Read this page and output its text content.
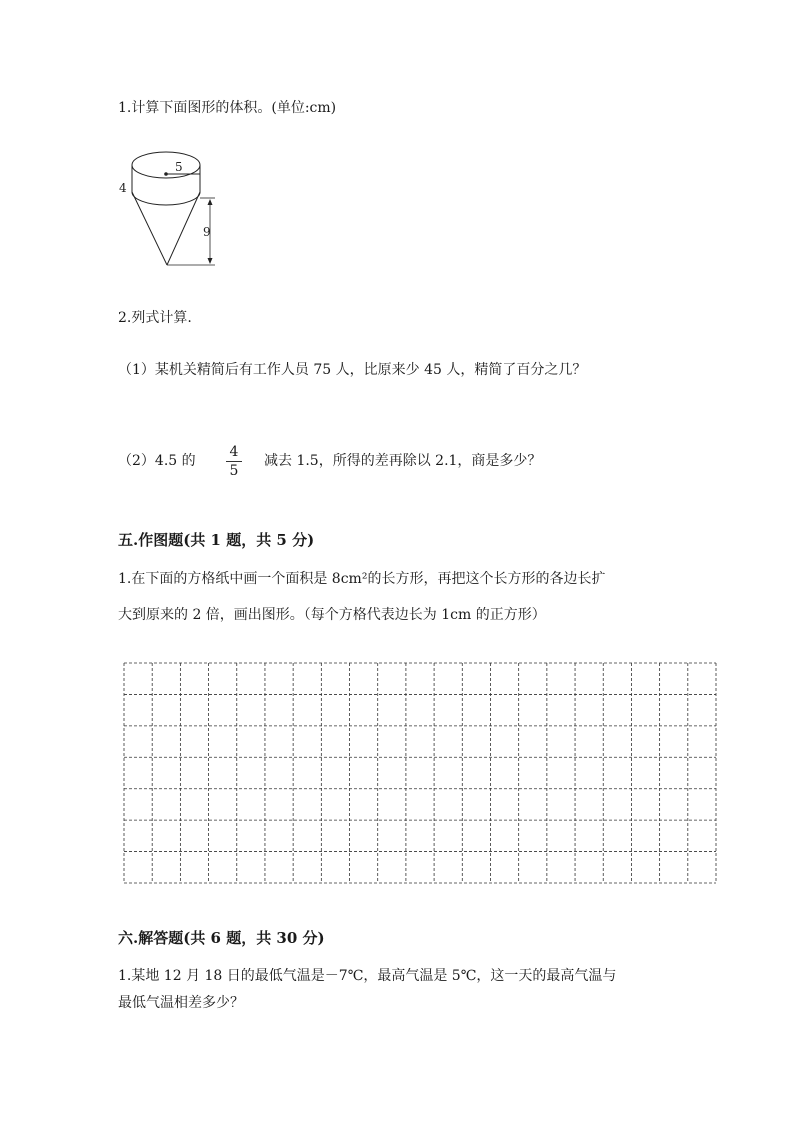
1.计算下面图形的体积。(单位:cm)
5
4
9
2.列式计算.
（1）某机关精简后有工作人员 75 人，比原来少 45 人，精简了百分之几？
（2）4.5 的
4
5
减去 1.5，所得的差再除以 2.1，商是多少？
五.作图题(共 1 题，共 5 分)
1.在下面的方格纸中画一个面积是 8cm²的长方形，再把这个长方形的各边长扩
大到原来的 2 倍，画出图形。（每个方格代表边长为 1cm 的正方形）
六.解答题(共 6 题，共 30 分)
1.某地 12 月 18 日的最低气温是－7℃，最高气温是 5℃，这一天的最高气温与
最低气温相差多少？
